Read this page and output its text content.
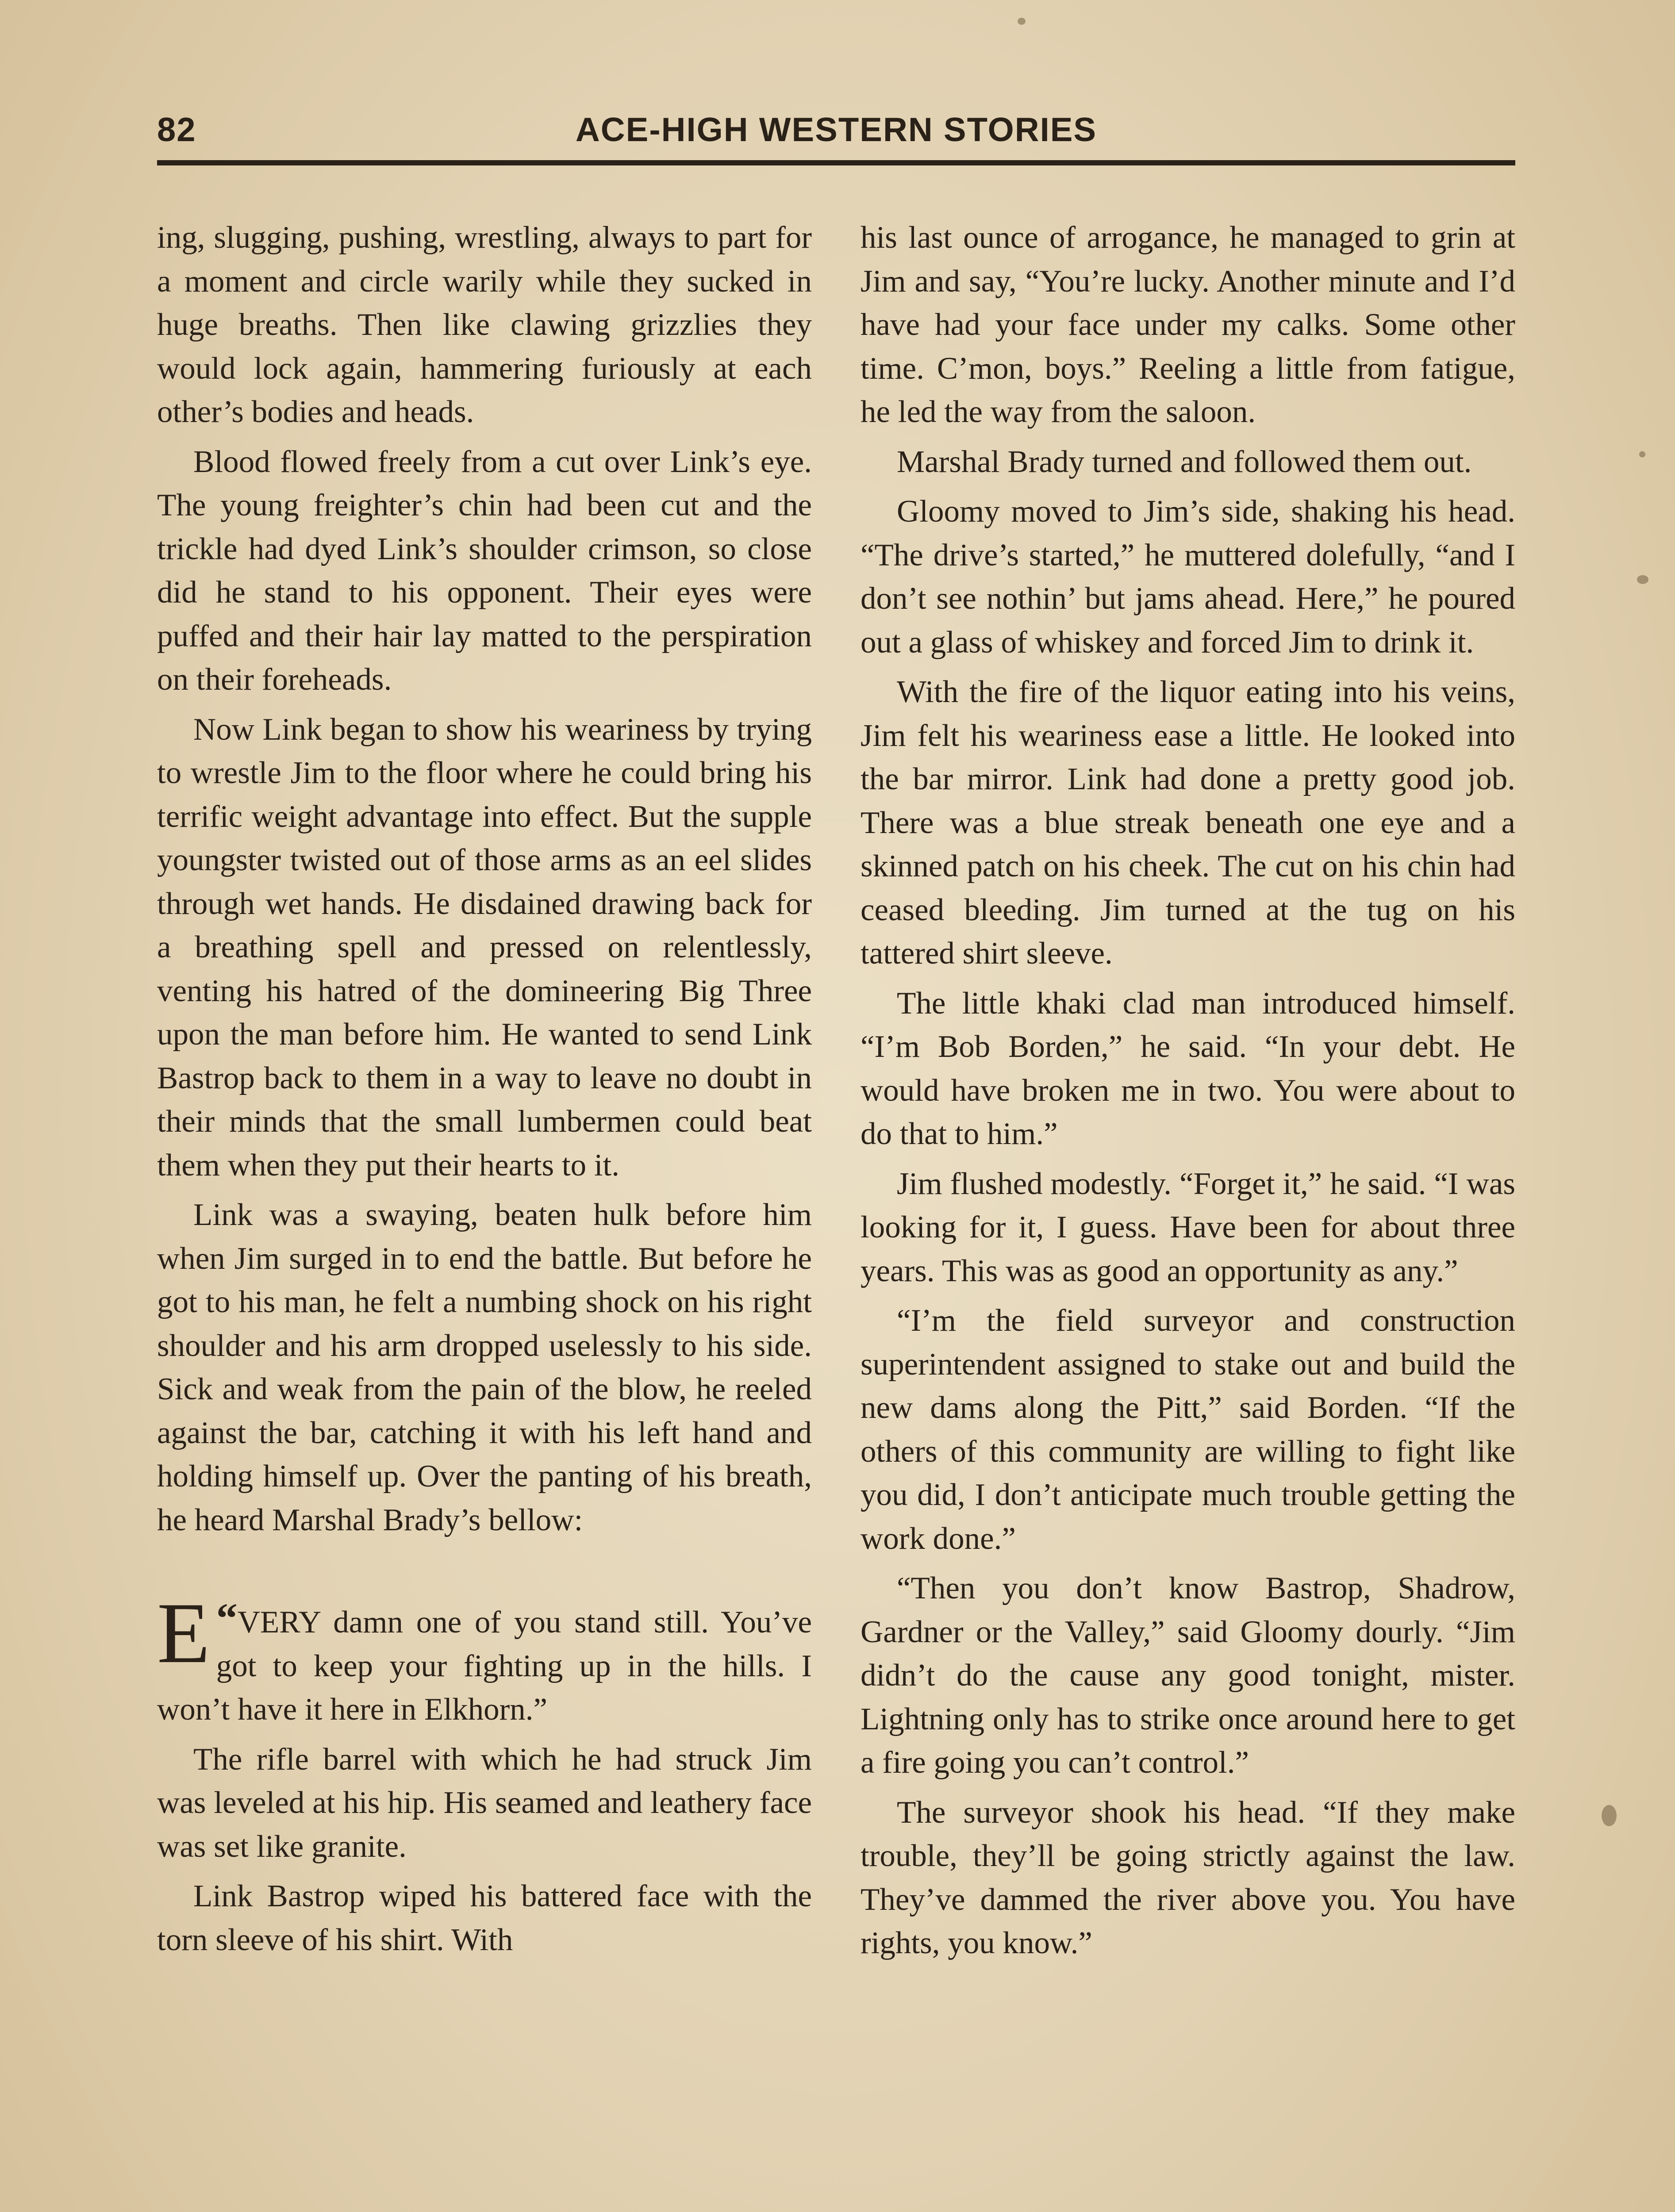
82	ACE-HIGH WESTERN STORIES

ing, slugging, pushing, wrestling, always to part for a moment and circle warily while they sucked in huge breaths. Then like clawing grizzlies they would lock again, hammering furiously at each other’s bodies and heads.

Blood flowed freely from a cut over Link’s eye. The young freighter’s chin had been cut and the trickle had dyed Link’s shoulder crimson, so close did he stand to his opponent. Their eyes were puffed and their hair lay matted to the perspiration on their foreheads.

Now Link began to show his weariness by trying to wrestle Jim to the floor where he could bring his terrific weight advantage into effect. But the supple youngster twisted out of those arms as an eel slides through wet hands. He disdained drawing back for a breathing spell and pressed on relentlessly, venting his hatred of the domineering Big Three upon the man before him. He wanted to send Link Bastrop back to them in a way to leave no doubt in their minds that the small lumbermen could beat them when they put their hearts to it.

Link was a swaying, beaten hulk before him when Jim surged in to end the battle. But before he got to his man, he felt a numbing shock on his right shoulder and his arm dropped uselessly to his side. Sick and weak from the pain of the blow, he reeled against the bar, catching it with his left hand and holding himself up. Over the panting of his breath, he heard Marshal Brady’s bellow:

“
E VERY damn one of you stand still. You’ve got to keep your fighting up in the hills. I won’t have it here in Elkhorn.”

The rifle barrel with which he had struck Jim was leveled at his hip. His seamed and leathery face was set like granite.

Link Bastrop wiped his battered face with the torn sleeve of his shirt. With

his last ounce of arrogance, he managed to grin at Jim and say, “You’re lucky. Another minute and I’d have had your face under my calks. Some other time. C’mon, boys.” Reeling a little from fatigue, he led the way from the saloon.

Marshal Brady turned and followed them out.

Gloomy moved to Jim’s side, shaking his head. “The drive’s started,” he muttered dolefully, “and I don’t see nothin’ but jams ahead. Here,” he poured out a glass of whiskey and forced Jim to drink it.

With the fire of the liquor eating into his veins, Jim felt his weariness ease a little. He looked into the bar mirror. Link had done a pretty good job. There was a blue streak beneath one eye and a skinned patch on his cheek. The cut on his chin had ceased bleeding. Jim turned at the tug on his tattered shirt sleeve.

The little khaki clad man introduced himself. “I’m Bob Borden,” he said. “In your debt. He would have broken me in two. You were about to do that to him.”

Jim flushed modestly. “Forget it,” he said. “I was looking for it, I guess. Have been for about three years. This was as good an opportunity as any.”

“I’m the field surveyor and construction superintendent assigned to stake out and build the new dams along the Pitt,” said Borden. “If the others of this community are willing to fight like you did, I don’t anticipate much trouble getting the work done.”

“Then you don’t know Bastrop, Shadrow, Gardner or the Valley,” said Gloomy dourly. “Jim didn’t do the cause any good tonight, mister. Lightning only has to strike once around here to get a fire going you can’t control.”

The surveyor shook his head. “If they make trouble, they’ll be going strictly against the law. They’ve dammed the river above you. You have rights, you know.”
